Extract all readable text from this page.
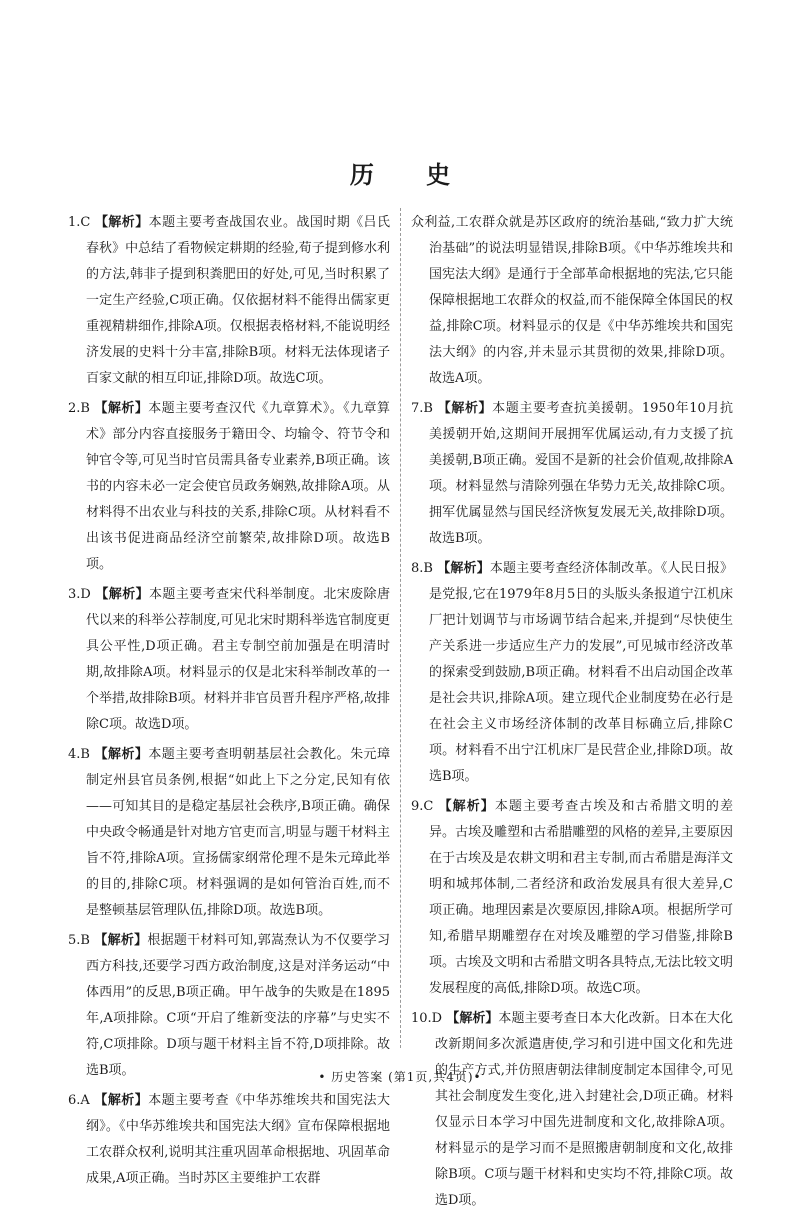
历 史

1.C 【解析】本题主要考查战国农业。战国时期《吕氏春秋》中总结了看物候定耕期的经验,荀子提到修水利的方法,韩非子提到积粪肥田的好处,可见,当时积累了一定生产经验,C项正确。仅依据材料不能得出儒家更重视精耕细作,排除A项。仅根据表格材料,不能说明经济发展的史料十分丰富,排除B项。材料无法体现诸子百家文献的相互印证,排除D项。故选C项。

2.B 【解析】本题主要考查汉代《九章算术》。《九章算术》部分内容直接服务于籍田令、均输令、符节令和钟官令等,可见当时官员需具备专业素养,B项正确。该书的内容未必一定会使官员政务娴熟,故排除A项。从材料得不出农业与科技的关系,排除C项。从材料看不出该书促进商品经济空前繁荣,故排除D项。故选B项。

3.D 【解析】本题主要考查宋代科举制度。北宋废除唐代以来的科举公荐制度,可见北宋时期科举选官制度更具公平性,D项正确。君主专制空前加强是在明清时期,故排除A项。材料显示的仅是北宋科举制改革的一个举措,故排除B项。材料并非官员晋升程序严格,故排除C项。故选D项。

4.B 【解析】本题主要考查明朝基层社会教化。朱元璋制定州县官员条例,根据“如此上下之分定,民知有依——可知其目的是稳定基层社会秩序,B项正确。确保中央政令畅通是针对地方官吏而言,明显与题干材料主旨不符,排除A项。宣扬儒家纲常伦理不是朱元璋此举的目的,排除C项。材料强调的是如何管治百姓,而不是整顿基层管理队伍,排除D项。故选B项。

5.B 【解析】根据题干材料可知,郭嵩焘认为不仅要学习西方科技,还要学习西方政治制度,这是对洋务运动“中体西用”的反思,B项正确。甲午战争的失败是在1895年,A项排除。C项“开启了维新变法的序幕”与史实不符,C项排除。D项与题干材料主旨不符,D项排除。故选B项。

6.A 【解析】本题主要考查《中华苏维埃共和国宪法大纲》。《中华苏维埃共和国宪法大纲》宣布保障根据地工农群众权利,说明其注重巩固革命根据地、巩固革命成果,A项正确。当时苏区主要维护工农群

众利益,工农群众就是苏区政府的统治基础,“致力扩大统治基础”的说法明显错误,排除B项。《中华苏维埃共和国宪法大纲》是通行于全部革命根据地的宪法,它只能保障根据地工农群众的权益,而不能保障全体国民的权益,排除C项。材料显示的仅是《中华苏维埃共和国宪法大纲》的内容,并未显示其贯彻的效果,排除D项。故选A项。

7.B 【解析】本题主要考查抗美援朝。1950年10月抗美援朝开始,这期间开展拥军优属运动,有力支援了抗美援朝,B项正确。爱国不是新的社会价值观,故排除A项。材料显然与清除列强在华势力无关,故排除C项。拥军优属显然与国民经济恢复发展无关,故排除D项。故选B项。

8.B 【解析】本题主要考查经济体制改革。《人民日报》是党报,它在1979年8月5日的头版头条报道宁江机床厂把计划调节与市场调节结合起来,并提到“尽快使生产关系进一步适应生产力的发展”,可见城市经济改革的探索受到鼓励,B项正确。材料看不出启动国企改革是社会共识,排除A项。建立现代企业制度势在必行是在社会主义市场经济体制的改革目标确立后,排除C项。材料看不出宁江机床厂是民营企业,排除D项。故选B项。

9.C 【解析】本题主要考查古埃及和古希腊文明的差异。古埃及雕塑和古希腊雕塑的风格的差异,主要原因在于古埃及是农耕文明和君主专制,而古希腊是海洋文明和城邦体制,二者经济和政治发展具有很大差异,C项正确。地理因素是次要原因,排除A项。根据所学可知,希腊早期雕塑存在对埃及雕塑的学习借鉴,排除B项。古埃及文明和古希腊文明各具特点,无法比较文明发展程度的高低,排除D项。故选C项。

10.D 【解析】本题主要考查日本大化改新。日本在大化改新期间多次派遣唐使,学习和引进中国文化和先进的生产方式,并仿照唐朝法律制度制定本国律令,可见其社会制度发生变化,进入封建社会,D项正确。材料仅显示日本学习中国先进制度和文化,故排除A项。材料显示的是学习而不是照搬唐朝制度和文化,故排除B项。C项与题干材料和史实均不符,排除C项。故选D项。

• 历史答案 (第1页,共4页)•
